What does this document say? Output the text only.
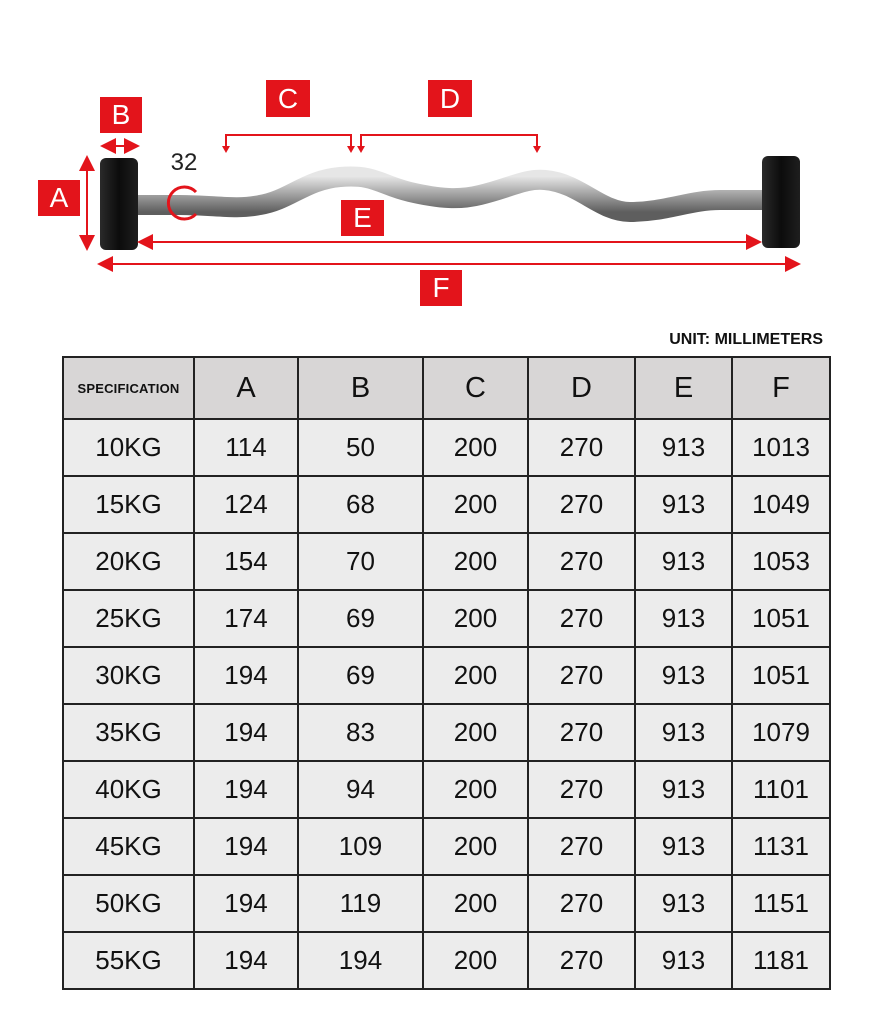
32
A
B
C	D
E
F
UNIT: MILLIMETERS
SPECIFICATION	A	B	C	D	E	F
10KG	114	50	200	270	913	1013
15KG	124	68	200	270	913	1049
20KG	154	70	200	270	913	1053
25KG	174	69	200	270	913	1051
30KG	194	69	200	270	913	1051
35KG	194	83	200	270	913	1079
40KG	194	94	200	270	913	1101
45KG	194	109	200	270	913	1131
50KG	194	119	200	270	913	1151
55KG	194	194	200	270	913	1181
